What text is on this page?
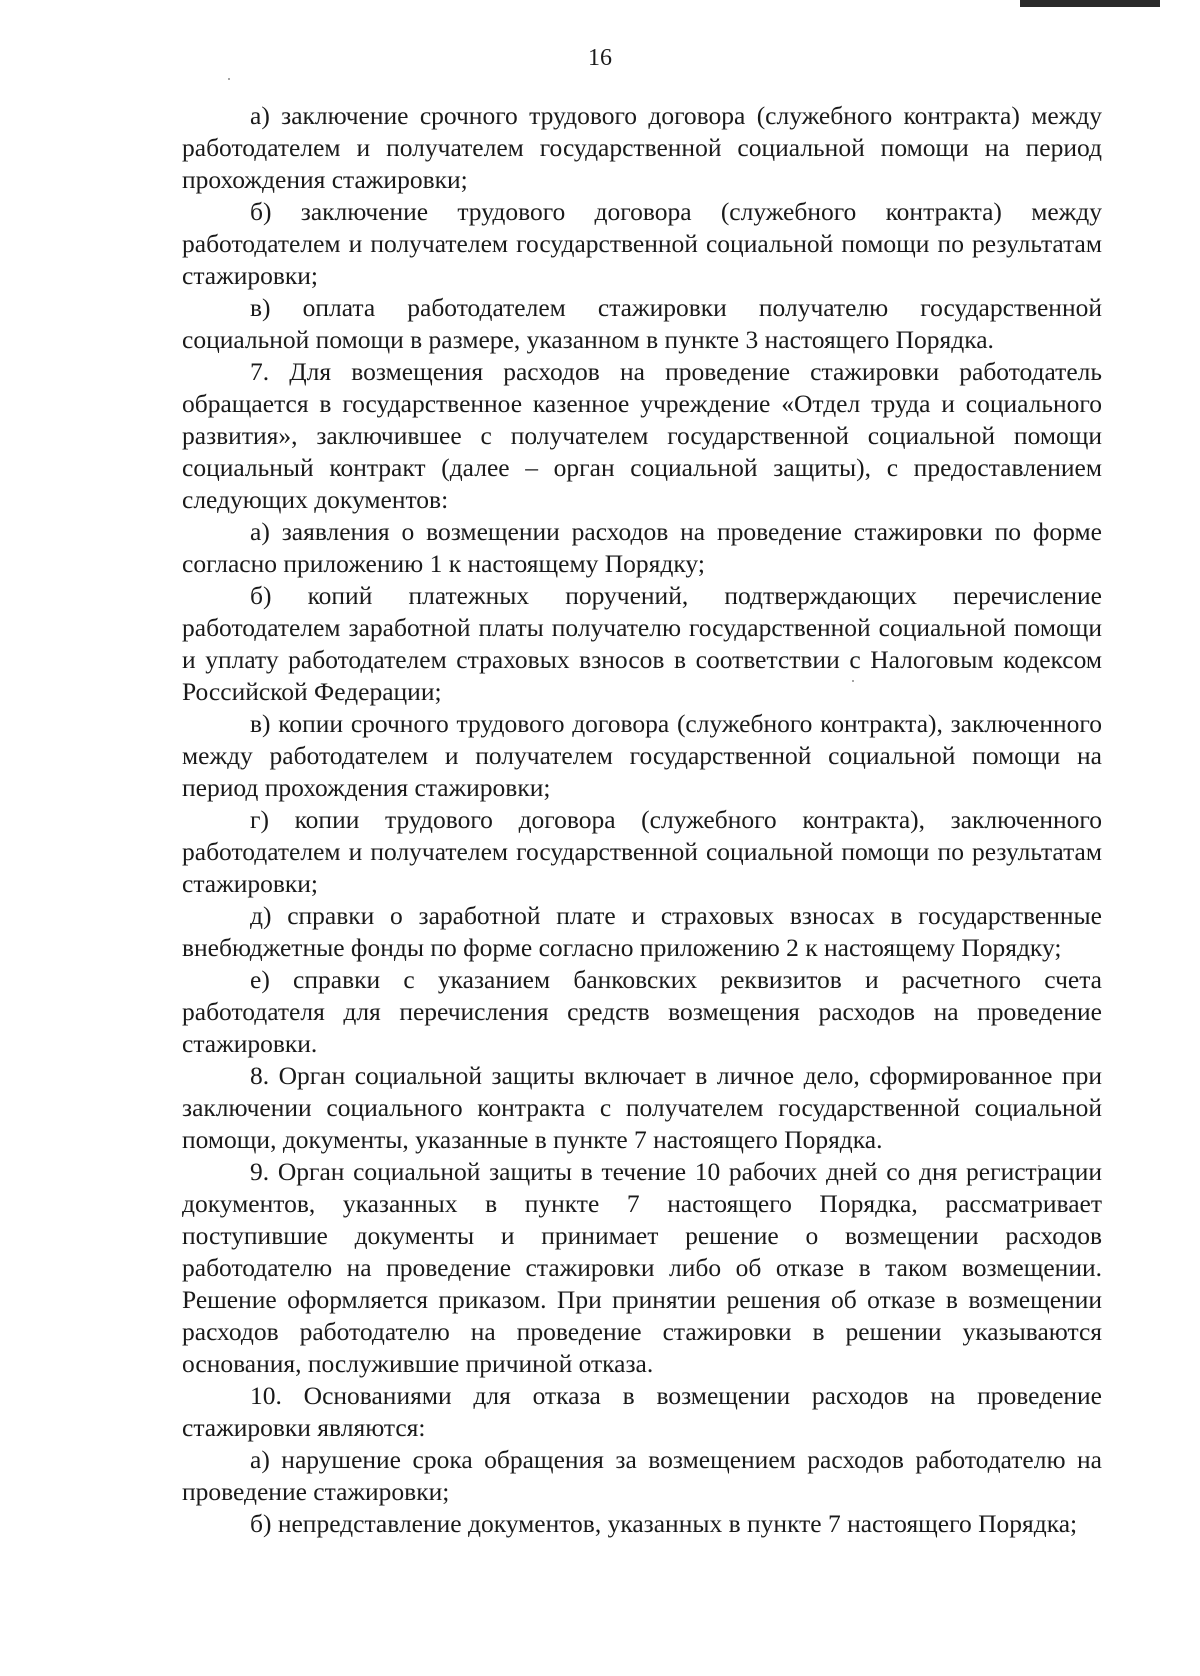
16

а) заключение срочного трудового договора (служебного контракта) между работодателем и получателем государственной социальной помощи на период прохождения стажировки;

б) заключение трудового договора (служебного контракта) между работодателем и получателем государственной социальной помощи по результатам стажировки;

в) оплата работодателем стажировки получателю государственной социальной помощи в размере, указанном в пункте 3 настоящего Порядка.

7. Для возмещения расходов на проведение стажировки работодатель обращается в государственное казенное учреждение «Отдел труда и социального развития», заключившее с получателем государственной социальной помощи социальный контракт (далее – орган социальной защиты), с предоставлением следующих документов:

а) заявления о возмещении расходов на проведение стажировки по форме согласно приложению 1 к настоящему Порядку;

б) копий платежных поручений, подтверждающих перечисление работодателем заработной платы получателю государственной социальной помощи и уплату работодателем страховых взносов в соответствии с Налоговым кодексом Российской Федерации;

в) копии срочного трудового договора (служебного контракта), заключенного между работодателем и получателем государственной социальной помощи на период прохождения стажировки;

г) копии трудового договора (служебного контракта), заключенного работодателем и получателем государственной социальной помощи по результатам стажировки;

д) справки о заработной плате и страховых взносах в государственные внебюджетные фонды по форме согласно приложению 2 к настоящему Порядку;

е) справки с указанием банковских реквизитов и расчетного счета работодателя для перечисления средств возмещения расходов на проведение стажировки.

8. Орган социальной защиты включает в личное дело, сформированное при заключении социального контракта с получателем государственной социальной помощи, документы, указанные в пункте 7 настоящего Порядка.

9. Орган социальной защиты в течение 10 рабочих дней со дня регистрации документов, указанных в пункте 7 настоящего Порядка, рассматривает поступившие документы и принимает решение о возмещении расходов работодателю на проведение стажировки либо об отказе в таком возмещении. Решение оформляется приказом. При принятии решения об отказе в возмещении расходов работодателю на проведение стажировки в решении указываются основания, послужившие причиной отказа.

10. Основаниями для отказа в возмещении расходов на проведение стажировки являются:

а) нарушение срока обращения за возмещением расходов работодателю на проведение стажировки;

б) непредставление документов, указанных в пункте 7 настоящего Порядка;
